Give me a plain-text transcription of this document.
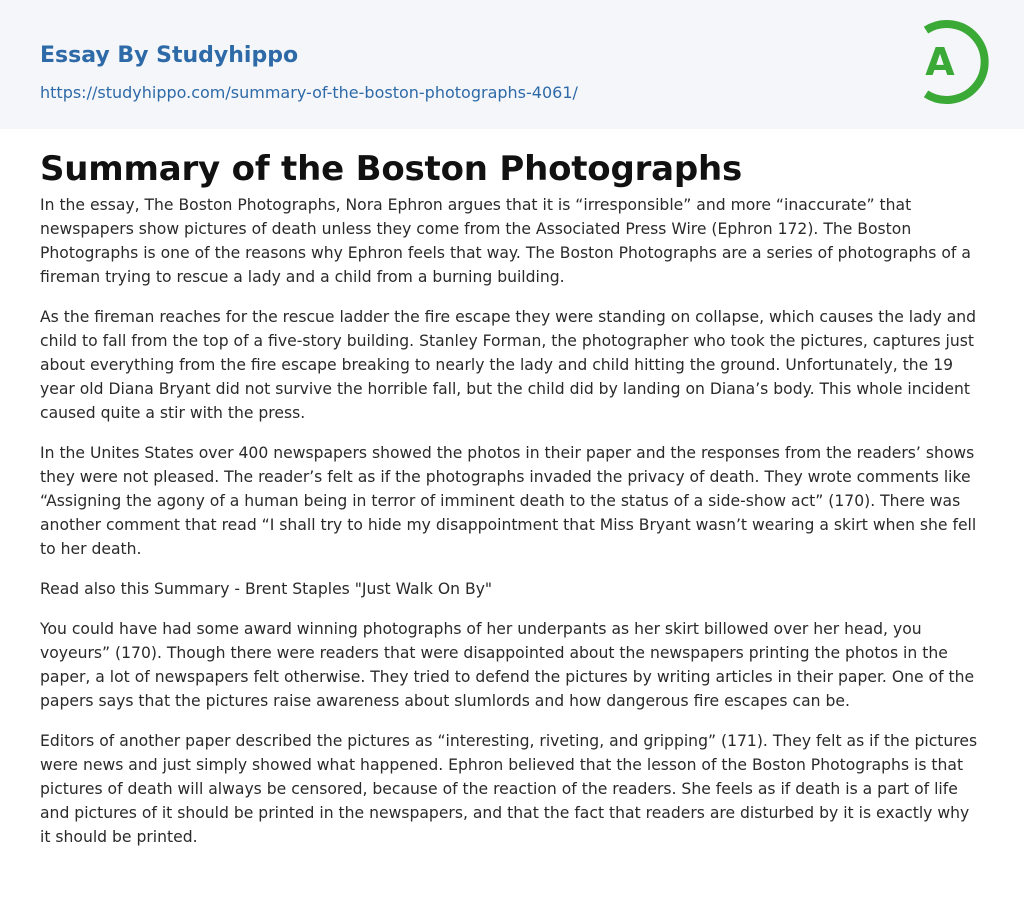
Essay By Studyhippo
https://studyhippo.com/summary-of-the-boston-photographs-4061/
A
Summary of the Boston Photographs

In the essay, The Boston Photographs, Nora Ephron argues that it is “irresponsible” and more “inaccurate” that newspapers show pictures of death unless they come from the Associated Press Wire (Ephron 172). The Boston Photographs is one of the reasons why Ephron feels that way. The Boston Photographs are a series of photographs of a fireman trying to rescue a lady and a child from a burning building.

As the fireman reaches for the rescue ladder the fire escape they were standing on collapse, which causes the lady and child to fall from the top of a five-story building. Stanley Forman, the photographer who took the pictures, captures just about everything from the fire escape breaking to nearly the lady and child hitting the ground. Unfortunately, the 19 year old Diana Bryant did not survive the horrible fall, but the child did by landing on Diana’s body. This whole incident caused quite a stir with the press.

In the Unites States over 400 newspapers showed the photos in their paper and the responses from the readers’ shows they were not pleased. The reader’s felt as if the photographs invaded the privacy of death. They wrote comments like “Assigning the agony of a human being in terror of imminent death to the status of a side-show act” (170). There was another comment that read “I shall try to hide my disappointment that Miss Bryant wasn’t wearing a skirt when she fell to her death.

Read also this Summary - Brent Staples "Just Walk On By"

You could have had some award winning photographs of her underpants as her skirt billowed over her head, you voyeurs” (170). Though there were readers that were disappointed about the newspapers printing the photos in the paper, a lot of newspapers felt otherwise. They tried to defend the pictures by writing articles in their paper. One of the papers says that the pictures raise awareness about slumlords and how dangerous fire escapes can be.

Editors of another paper described the pictures as “interesting, riveting, and gripping” (171). They felt as if the pictures were news and just simply showed what happened. Ephron believed that the lesson of the Boston Photographs is that pictures of death will always be censored, because of the reaction of the readers. She feels as if death is a part of life and pictures of it should be printed in the newspapers, and that the fact that readers are disturbed by it is exactly why it should be printed.
